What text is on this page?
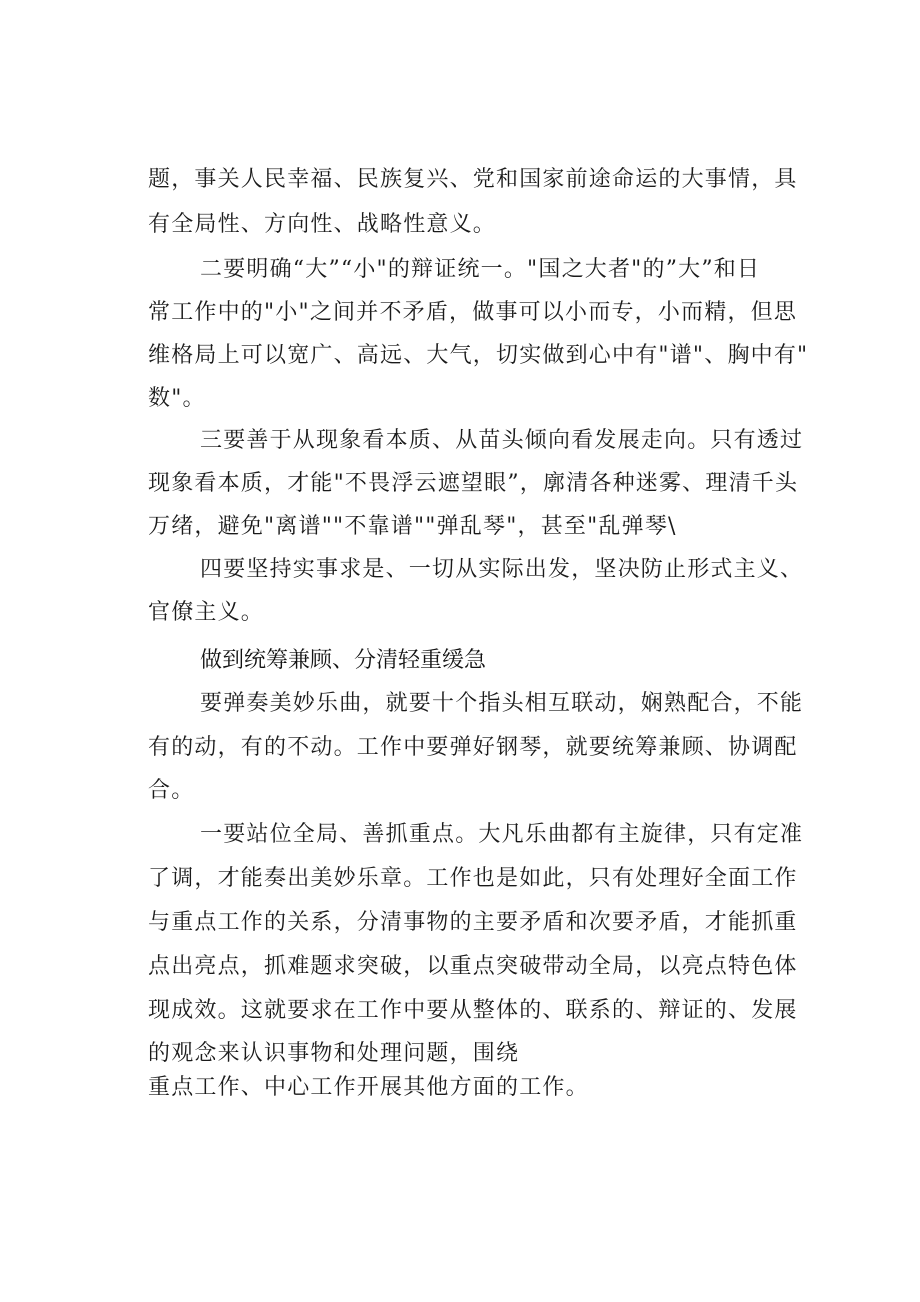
题，事关人民幸福、民族复兴、党和国家前途命运的大事情，具
有全局性、方向性、战略性意义。
二要明确“大”“小"的辩证统一。"国之大者"的”大”和日
常工作中的"小"之间并不矛盾，做事可以小而专，小而精，但思
维格局上可以宽广、高远、大气，切实做到心中有"谱"、胸中有"
数"。
三要善于从现象看本质、从苗头倾向看发展走向。只有透过
现象看本质，才能"不畏浮云遮望眼”，廓清各种迷雾、理清千头
万绪，避免"离谱""不靠谱""弹乱琴"，甚至"乱弹琴\
四要坚持实事求是、一切从实际出发，坚决防止形式主义、
官僚主义。
做到统筹兼顾、分清轻重缓急
要弹奏美妙乐曲，就要十个指头相互联动，娴熟配合，不能
有的动，有的不动。工作中要弹好钢琴，就要统筹兼顾、协调配
合。
一要站位全局、善抓重点。大凡乐曲都有主旋律，只有定准
了调，才能奏出美妙乐章。工作也是如此，只有处理好全面工作
与重点工作的关系，分清事物的主要矛盾和次要矛盾，才能抓重
点出亮点，抓难题求突破，以重点突破带动全局，以亮点特色体
现成效。这就要求在工作中要从整体的、联系的、辩证的、发展
的观念来认识事物和处理问题，围绕
重点工作、中心工作开展其他方面的工作。
